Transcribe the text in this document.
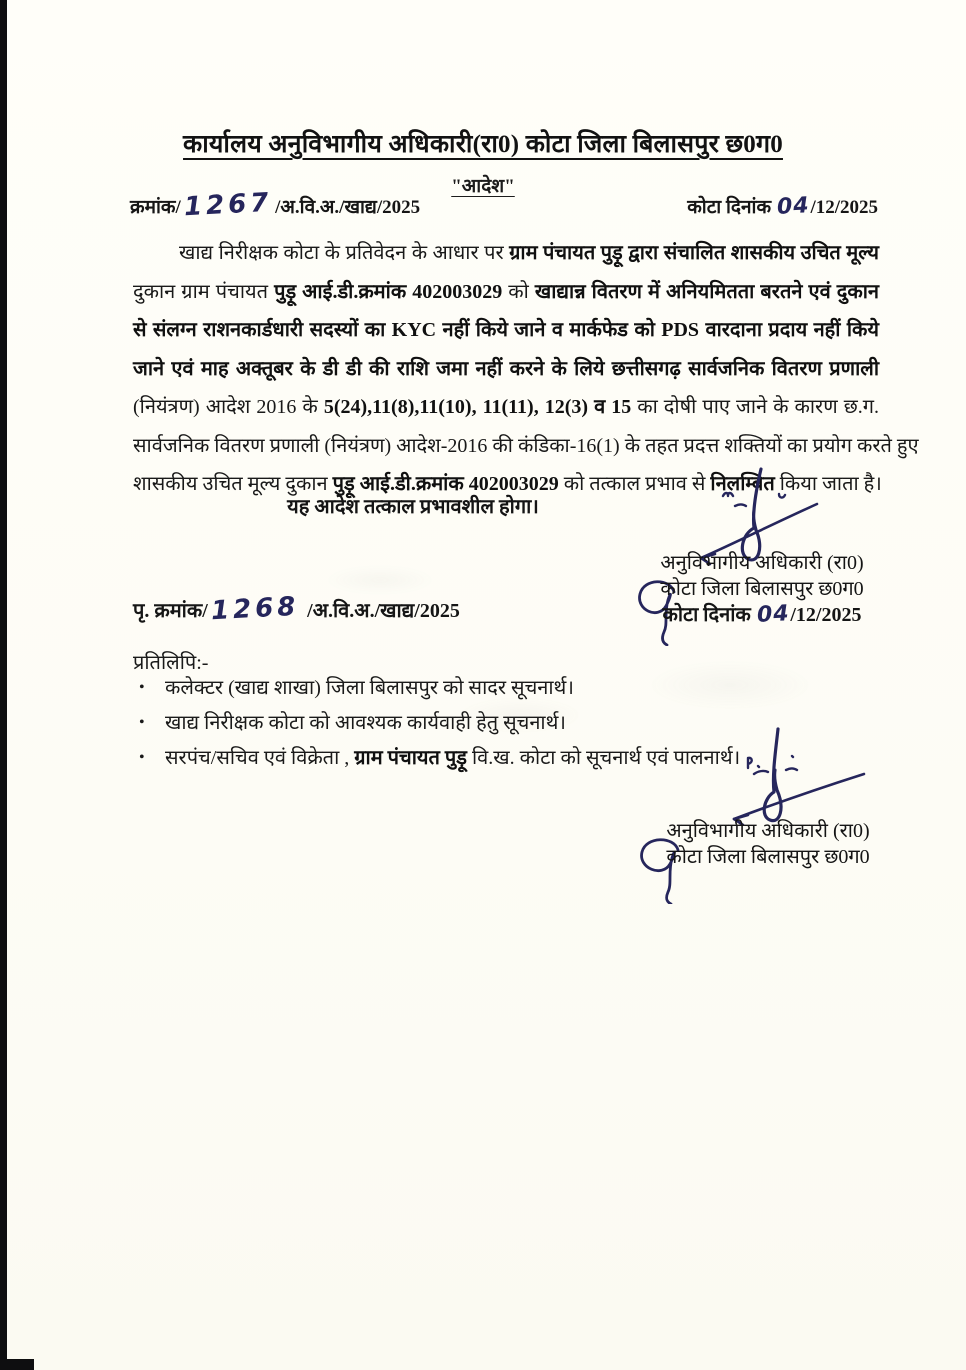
कार्यालय अनुविभागीय अधिकारी(रा0) कोटा जिला बिलासपुर छ0ग0
"आदेश"
क्रमांक/1267 /अ.वि.अ./खाद्य/2025	कोटा दिनांक 04/12/2025
खाद्य निरीक्षक कोटा के प्रतिवेदन के आधार पर ग्राम पंचायत पुड़ू द्वारा संचालित शासकीय उचित मूल्य
दुकान ग्राम पंचायत पुड़ू आई.डी.क्रमांक 402003029 को खाद्यान्न वितरण में अनियमितता बरतने एवं दुकान
से संलग्न राशनकार्डधारी सदस्यों का KYC नहीं किये जाने व मार्कफेड को PDS वारदाना प्रदाय नहीं किये
जाने एवं माह अक्तूबर के डी डी की राशि जमा नहीं करने के लिये छत्तीसगढ़ सार्वजनिक वितरण प्रणाली
(नियंत्रण) आदेश 2016 के 5(24),11(8),11(10), 11(11), 12(3) व 15 का दोषी पाए जाने के कारण छ.ग.
सार्वजनिक वितरण प्रणाली (नियंत्रण) आदेश-2016 की कंडिका-16(1) के तहत प्रदत्त शक्तियों का प्रयोग करते हुए
शासकीय उचित मूल्य दुकान पुड़ू आई.डी.क्रमांक 402003029 को तत्काल प्रभाव से निलम्बित किया जाता है।
यह आदेश तत्काल प्रभावशील होगा।
अनुविभागीय अधिकारी (रा0)
कोटा जिला बिलासपुर छ0ग0
कोटा दिनांक 04/12/2025
पृ. क्रमांक/1268 /अ.वि.अ./खाद्य/2025
प्रतिलिपि:-
•	कलेक्टर (खाद्य शाखा) जिला बिलासपुर को सादर सूचनार्थ।
•	खाद्य निरीक्षक कोटा को आवश्यक कार्यवाही हेतु सूचनार्थ।
•	सरपंच/सचिव एवं विक्रेता , ग्राम पंचायत पुड़ू वि.ख. कोटा को सूचनार्थ एवं पालनार्थ।
अनुविभागीय अधिकारी (रा0)
कोटा जिला बिलासपुर छ0ग0
